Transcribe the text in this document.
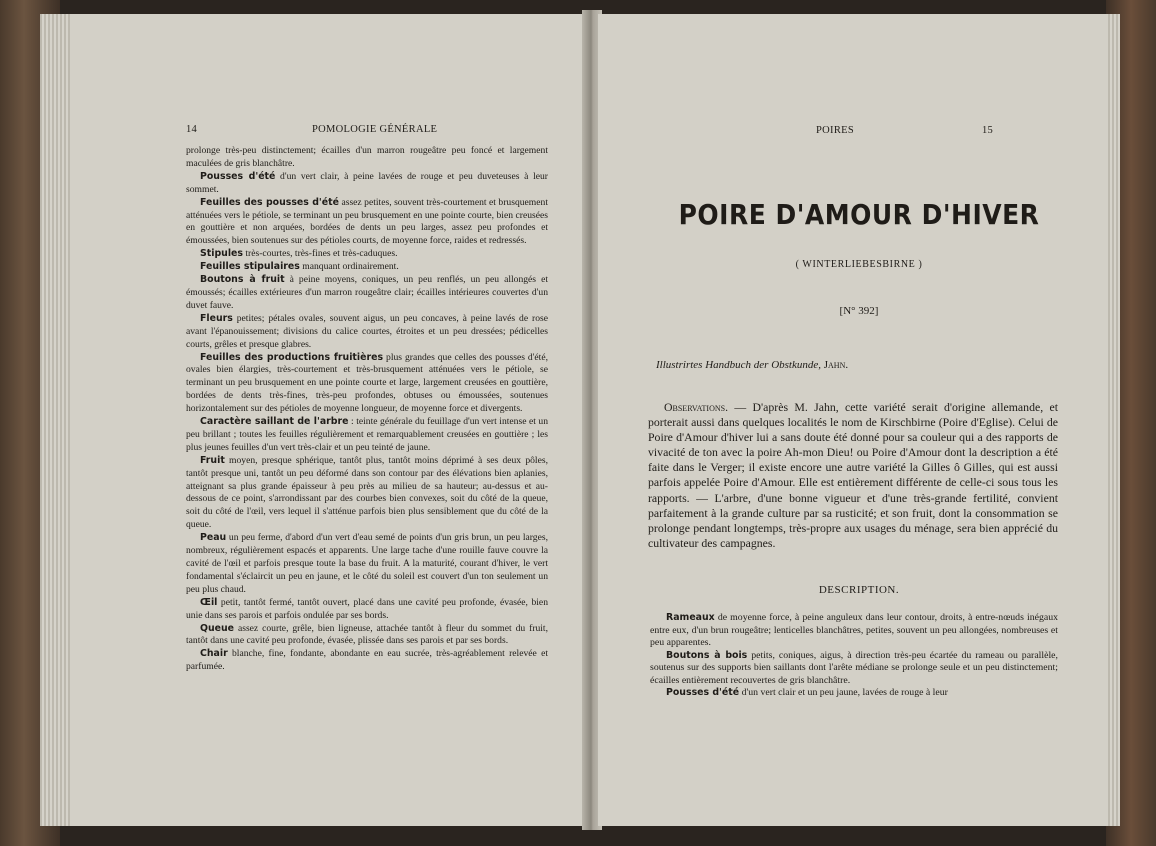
14	POMOLOGIE GÉNÉRALE

prolonge très-peu distinctement; écailles d'un marron rougeâtre peu foncé et largement maculées de gris blanchâtre.

Pousses d'été d'un vert clair, à peine lavées de rouge et peu duveteuses à leur sommet.

Feuilles des pousses d'été assez petites, souvent très-courtement et brusquement atténuées vers le pétiole, se terminant un peu brusquement en une pointe courte, bien creusées en gouttière et non arquées, bordées de dents un peu larges, assez peu profondes et émoussées, bien soutenues sur des pétioles courts, de moyenne force, raides et redressés.

Stipules très-courtes, très-fines et très-caduques.

Feuilles stipulaires manquant ordinairement.

Boutons à fruit à peine moyens, coniques, un peu renflés, un peu allongés et émoussés; écailles extérieures d'un marron rougeâtre clair; écailles intérieures couvertes d'un duvet fauve.

Fleurs petites; pétales ovales, souvent aigus, un peu concaves, à peine lavés de rose avant l'épanouissement; divisions du calice courtes, étroites et un peu dressées; pédicelles courts, grêles et presque glabres.

Feuilles des productions fruitières plus grandes que celles des pousses d'été, ovales bien élargies, très-courtement et très-brusquement atténuées vers le pétiole, se terminant un peu brusquement en une pointe courte et large, largement creusées en gouttière, bordées de dents très-fines, très-peu profondes, obtuses ou émoussées, soutenues horizontalement sur des pétioles de moyenne longueur, de moyenne force et divergents.

Caractère saillant de l'arbre : teinte générale du feuillage d'un vert intense et un peu brillant ; toutes les feuilles régulièrement et remarquablement creusées en gouttière ; les plus jeunes feuilles d'un vert très-clair et un peu teinté de jaune.

Fruit moyen, presque sphérique, tantôt plus, tantôt moins déprimé à ses deux pôles, tantôt presque uni, tantôt un peu déformé dans son contour par des élévations bien aplanies, atteignant sa plus grande épaisseur à peu près au milieu de sa hauteur; au-dessus et au-dessous de ce point, s'arrondissant par des courbes bien convexes, soit du côté de la queue, soit du côté de l'œil, vers lequel il s'atténue parfois bien plus sensiblement que du côté de la queue.

Peau un peu ferme, d'abord d'un vert d'eau semé de points d'un gris brun, un peu larges, nombreux, régulièrement espacés et apparents. Une large tache d'une rouille fauve couvre la cavité de l'œil et parfois presque toute la base du fruit. A la maturité, courant d'hiver, le vert fondamental s'éclaircit un peu en jaune, et le côté du soleil est couvert d'un ton seulement un peu plus chaud.

Œil petit, tantôt fermé, tantôt ouvert, placé dans une cavité peu profonde, évasée, bien unie dans ses parois et parfois ondulée par ses bords.

Queue assez courte, grêle, bien ligneuse, attachée tantôt à fleur du sommet du fruit, tantôt dans une cavité peu profonde, évasée, plissée dans ses parois et par ses bords.

Chair blanche, fine, fondante, abondante en eau sucrée, très-agréablement relevée et parfumée.

POIRES	15
POIRE D'AMOUR D'HIVER
( WINTERLIEBESBIRNE )
[N° 392]
Illustrirtes Handbuch der Obstkunde, Jahn.

Observations. — D'après M. Jahn, cette variété serait d'origine allemande, et porterait aussi dans quelques localités le nom de Kirschbirne (Poire d'Eglise). Celui de Poire d'Amour d'hiver lui a sans doute été donné pour sa couleur qui a des rapports de vivacité de ton avec la poire Ah-mon Dieu! ou Poire d'Amour dont la description a été faite dans le Verger; il existe encore une autre variété la Gilles ô Gilles, qui est aussi parfois appelée Poire d'Amour. Elle est entièrement différente de celle-ci sous tous les rapports. — L'arbre, d'une bonne vigueur et d'une très-grande fertilité, convient parfaitement à la grande culture par sa rusticité; et son fruit, dont la consommation se prolonge pendant longtemps, très-propre aux usages du ménage, sera bien apprécié du cultivateur des campagnes.

DESCRIPTION.

Rameaux de moyenne force, à peine anguleux dans leur contour, droits, à entre-nœuds inégaux entre eux, d'un brun rougeâtre; lenticelles blanchâtres, petites, souvent un peu allongées, nombreuses et peu apparentes.

Boutons à bois petits, coniques, aigus, à direction très-peu écartée du rameau ou parallèle, soutenus sur des supports bien saillants dont l'arête médiane se prolonge seule et un peu distinctement; écailles entièrement recouvertes de gris blanchâtre.

Pousses d'été d'un vert clair et un peu jaune, lavées de rouge à leur
